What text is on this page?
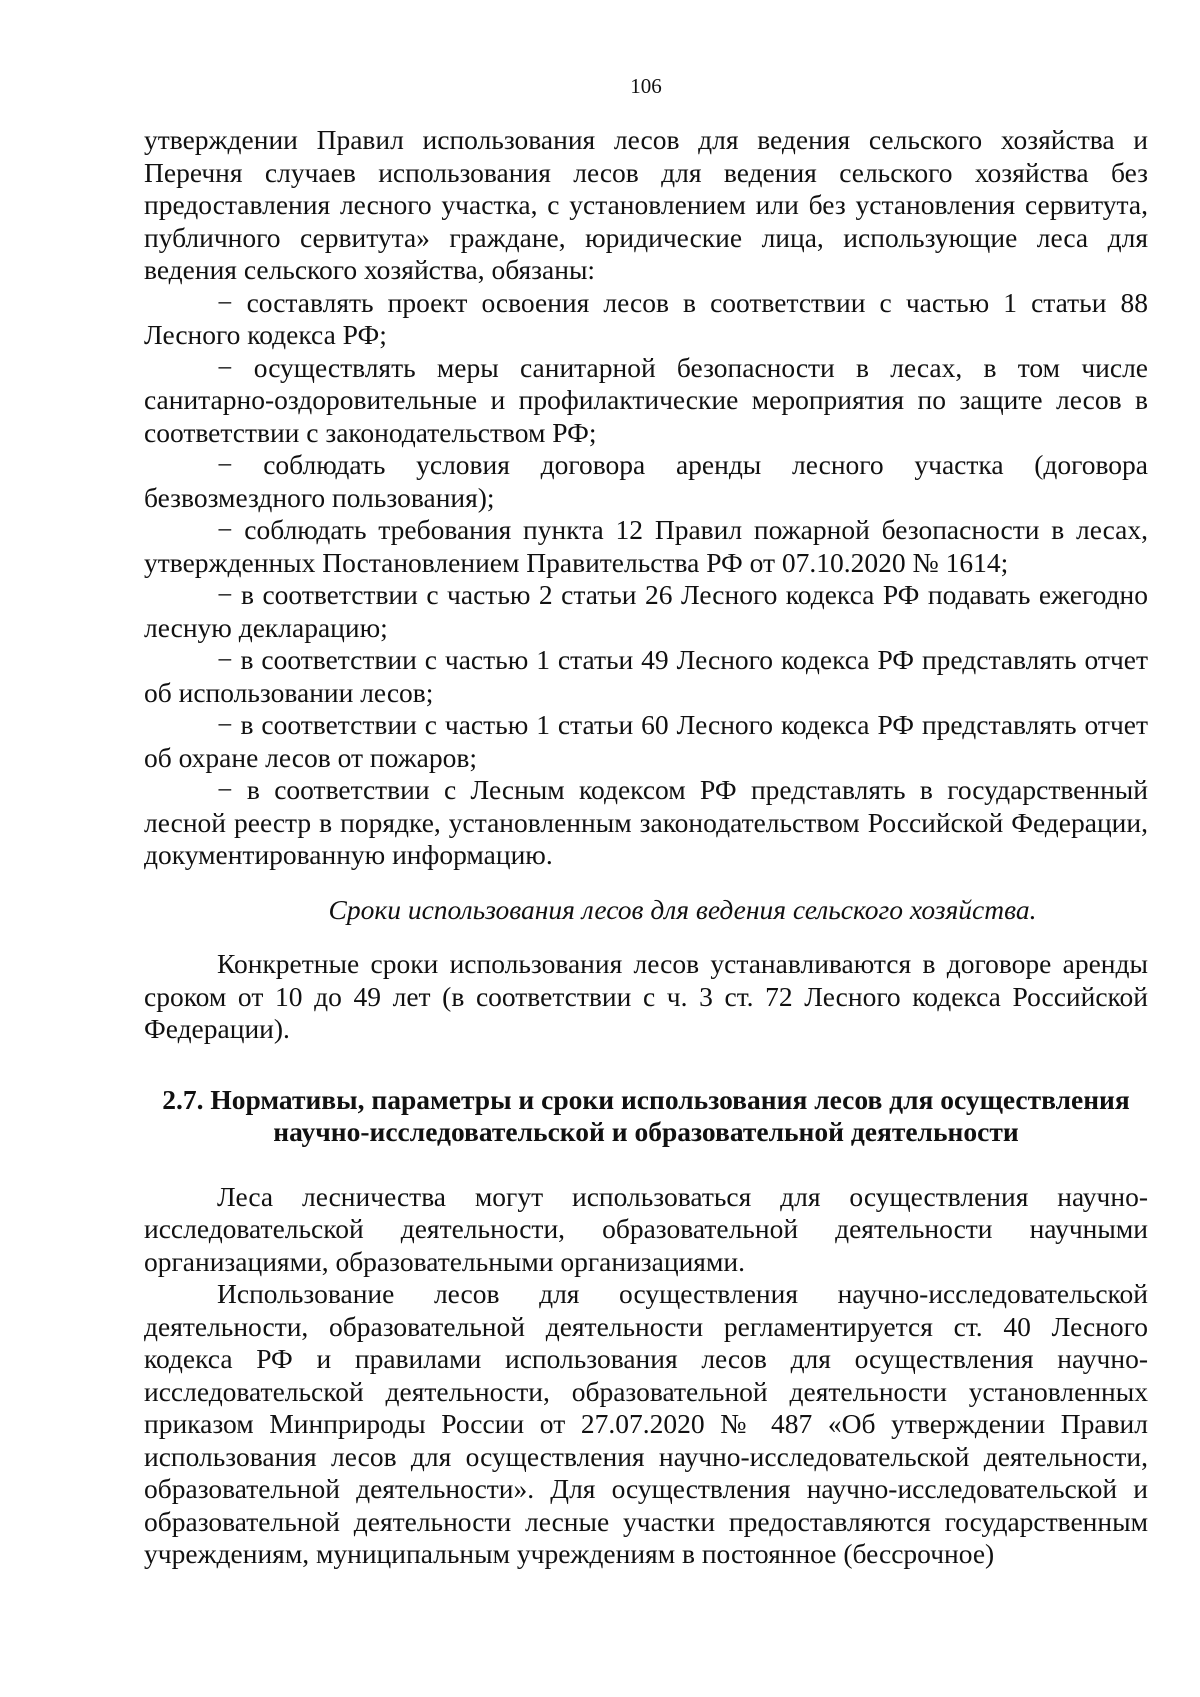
106

утверждении Правил использования лесов для ведения сельского хозяйства и Перечня случаев использования лесов для ведения сельского хозяйства без предоставления лесного участка, с установлением или без установления сервитута, публичного сервитута» граждане, юридические лица, использующие леса для ведения сельского хозяйства, обязаны:

− составлять проект освоения лесов в соответствии с частью 1 статьи 88 Лесного кодекса РФ;

− осуществлять меры санитарной безопасности в лесах, в том числе санитарно-оздоровительные и профилактические мероприятия по защите лесов в соответствии с законодательством РФ;

− соблюдать условия договора аренды лесного участка (договора безвозмездного пользования);

− соблюдать требования пункта 12 Правил пожарной безопасности в лесах, утвержденных Постановлением Правительства РФ от 07.10.2020 № 1614;

− в соответствии с частью 2 статьи 26 Лесного кодекса РФ подавать ежегодно лесную декларацию;

− в соответствии с частью 1 статьи 49 Лесного кодекса РФ представлять отчет об использовании лесов;

− в соответствии с частью 1 статьи 60 Лесного кодекса РФ представлять отчет об охране лесов от пожаров;

− в соответствии с Лесным кодексом РФ представлять в государственный лесной реестр в порядке, установленным законодательством Российской Федерации, документированную информацию.

Сроки использования лесов для ведения сельского хозяйства.

Конкретные сроки использования лесов устанавливаются в договоре аренды сроком от 10 до 49 лет (в соответствии с ч. 3 ст. 72 Лесного кодекса Российской Федерации).

2.7. Нормативы, параметры и сроки использования лесов для осуществления
научно-исследовательской и образовательной деятельности

Леса лесничества могут использоваться для осуществления научно-исследовательской деятельности, образовательной деятельности научными организациями, образовательными организациями.

Использование лесов для осуществления научно-исследовательской деятельности, образовательной деятельности регламентируется ст. 40 Лесного кодекса РФ и правилами использования лесов для осуществления научно-исследовательской деятельности, образовательной деятельности установленных приказом Минприроды России от 27.07.2020 № 487 «Об утверждении Правил использования лесов для осуществления научно-исследовательской деятельности, образовательной деятельности». Для осуществления научно-исследовательской и образовательной деятельности лесные участки предоставляются государственным учреждениям, муниципальным учреждениям в постоянное (бессрочное)
